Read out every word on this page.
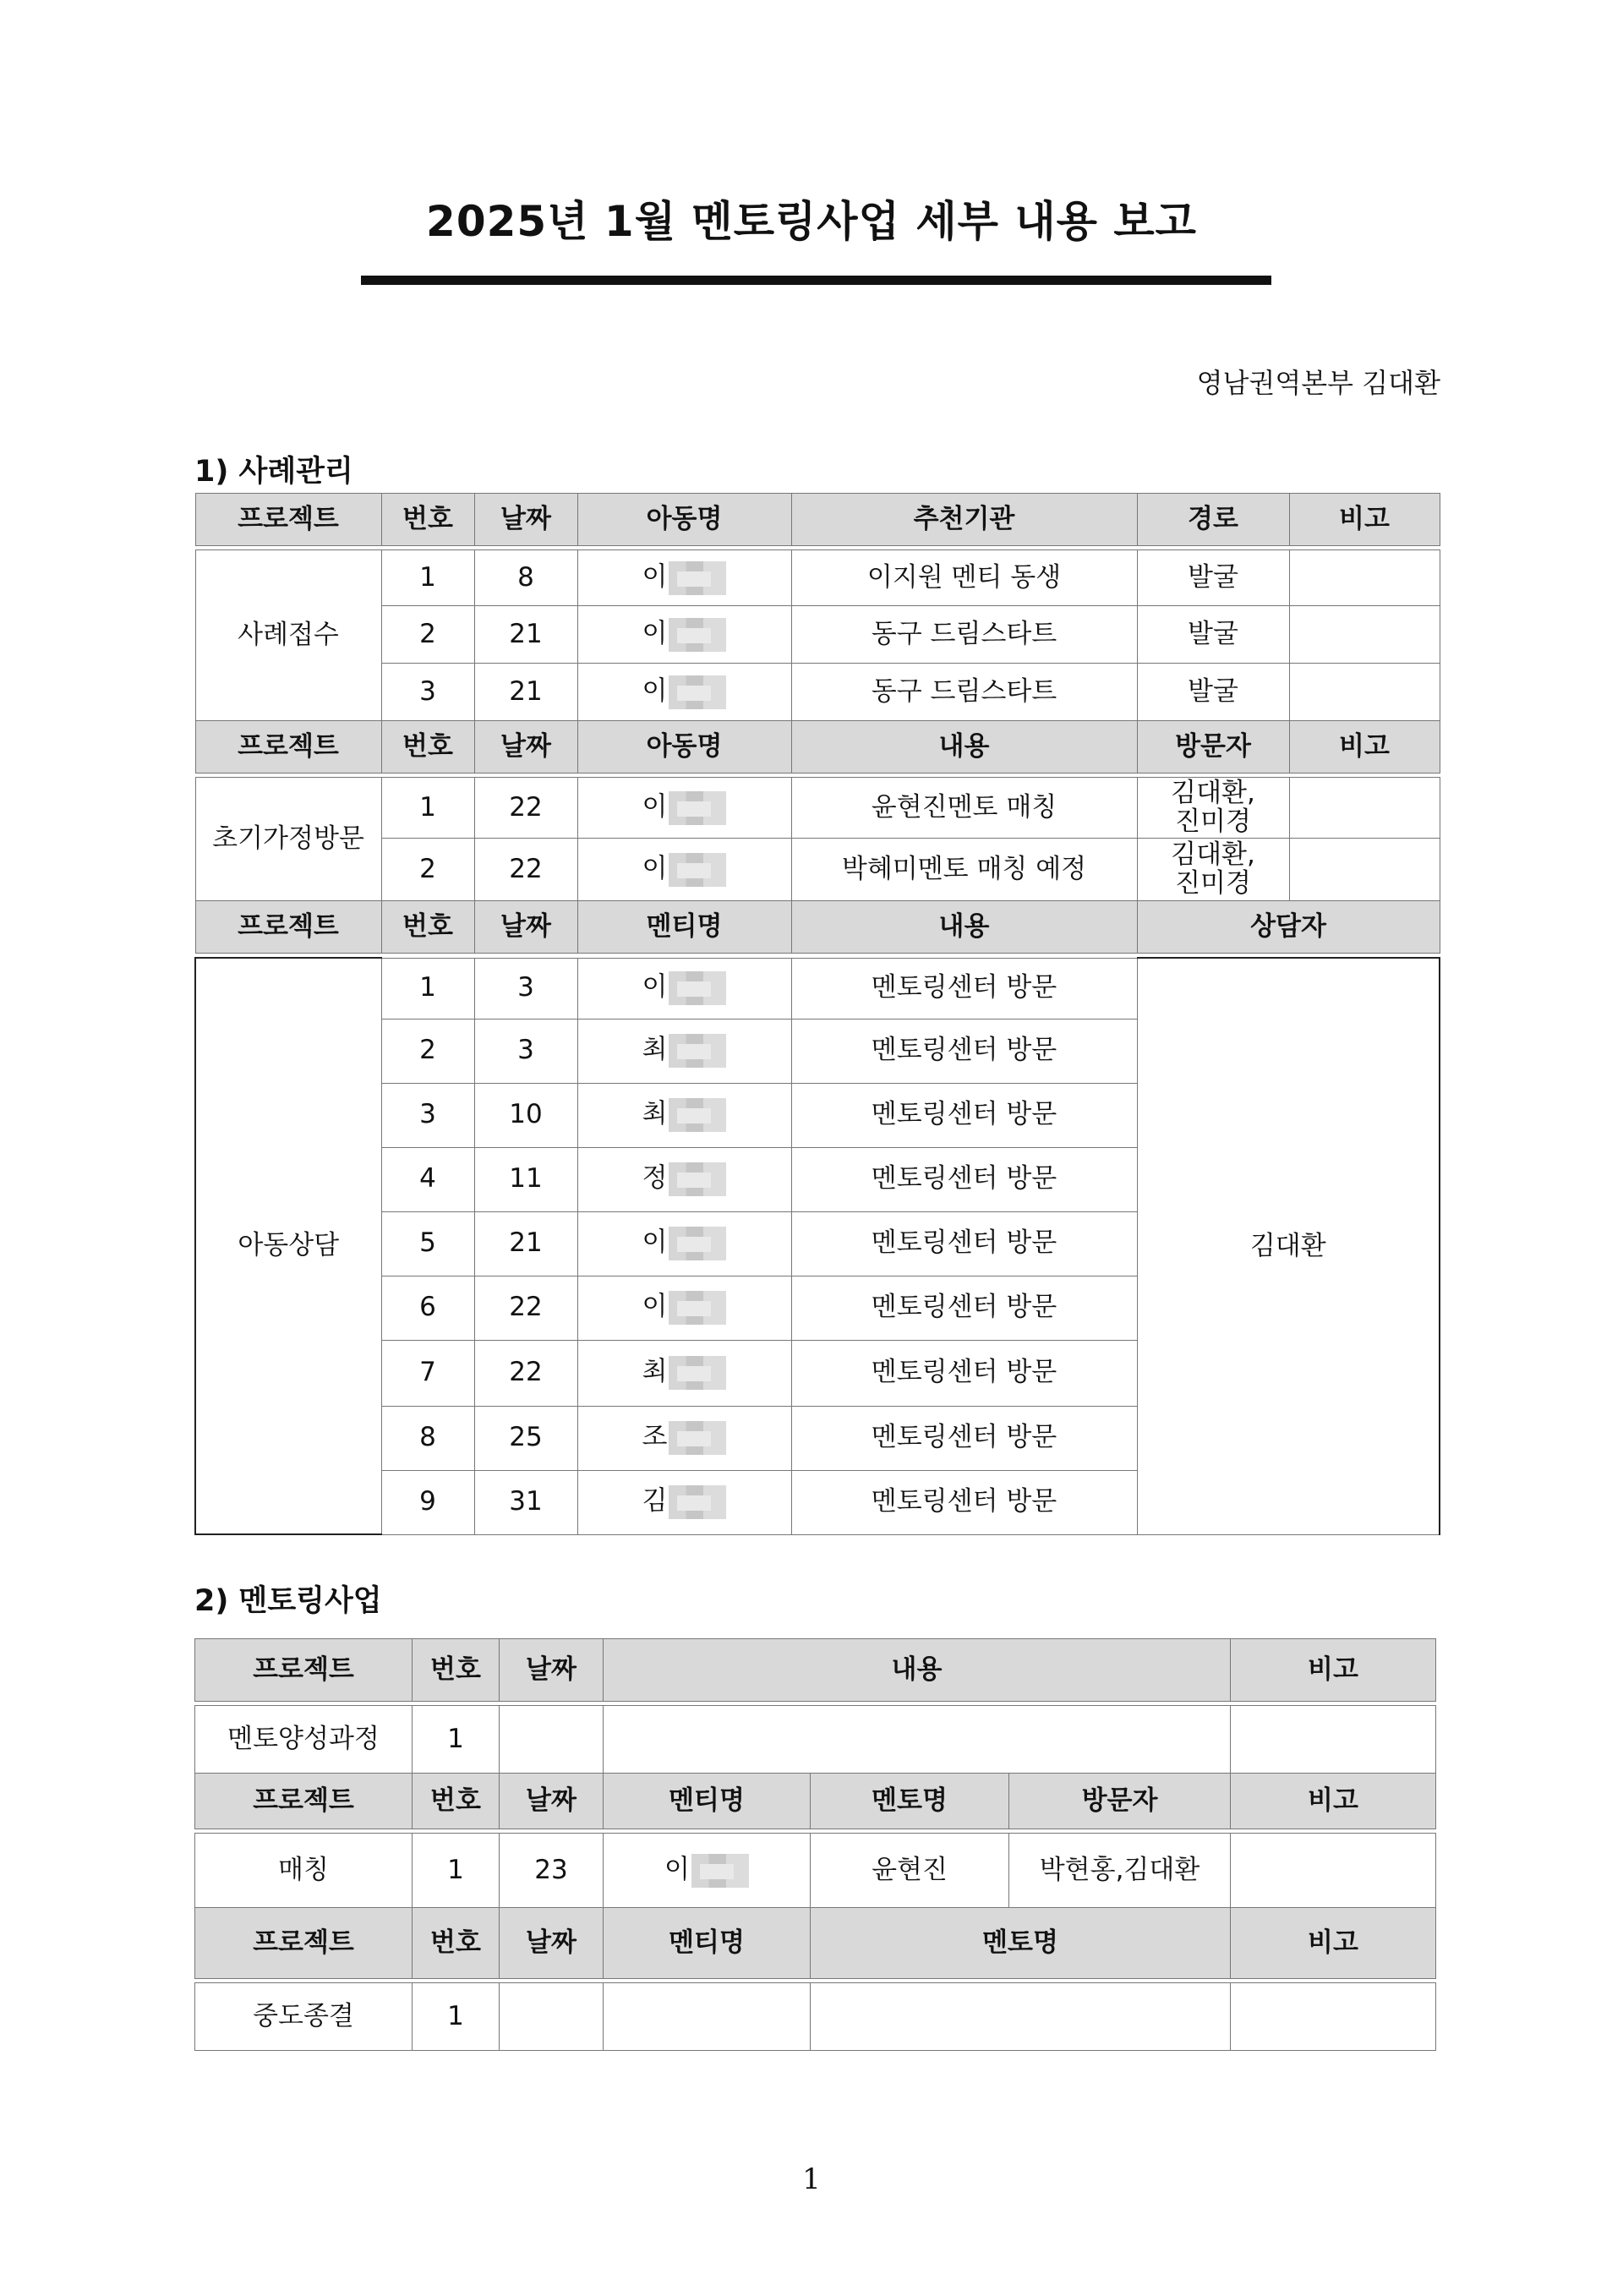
2025년 1월 멘토링사업 세부 내용 보고
영남권역본부 김대환
1) 사례관리
프로젝트	번호	날짜	아동명	추천기관	경로	비고

사례접수	1	8	이	이지원 멘티 동생	발굴	
	2	21	이	동구 드림스타트	발굴	
	3	21	이	동구 드림스타트	발굴	
프로젝트	번호	날짜	아동명	내용	방문자	비고

초기가정방문	1	22	이	윤현진멘토 매칭	김대환,
진미경	
	2	22	이	박혜미멘토 매칭 예정	김대환,
진미경	
프로젝트	번호	날짜	멘티명	내용	상담자	

아동상담	1	3	이	멘토링센터 방문	김대환	
	2	3	최	멘토링센터 방문		
	3	10	최	멘토링센터 방문		
	4	11	정	멘토링센터 방문		
	5	21	이	멘토링센터 방문		
	6	22	이	멘토링센터 방문		
	7	22	최	멘토링센터 방문		
	8	25	조	멘토링센터 방문		
	9	31	김	멘토링센터 방문		
2) 멘토링사업
프로젝트	번호	날짜	내용			비고

멘토양성과정	1					
프로젝트	번호	날짜	멘티명	멘토명	방문자	비고

매칭	1	23	이	윤현진	박현홍,김대환	
프로젝트	번호	날짜	멘티명	멘토명		비고

중도종결	1					
1
